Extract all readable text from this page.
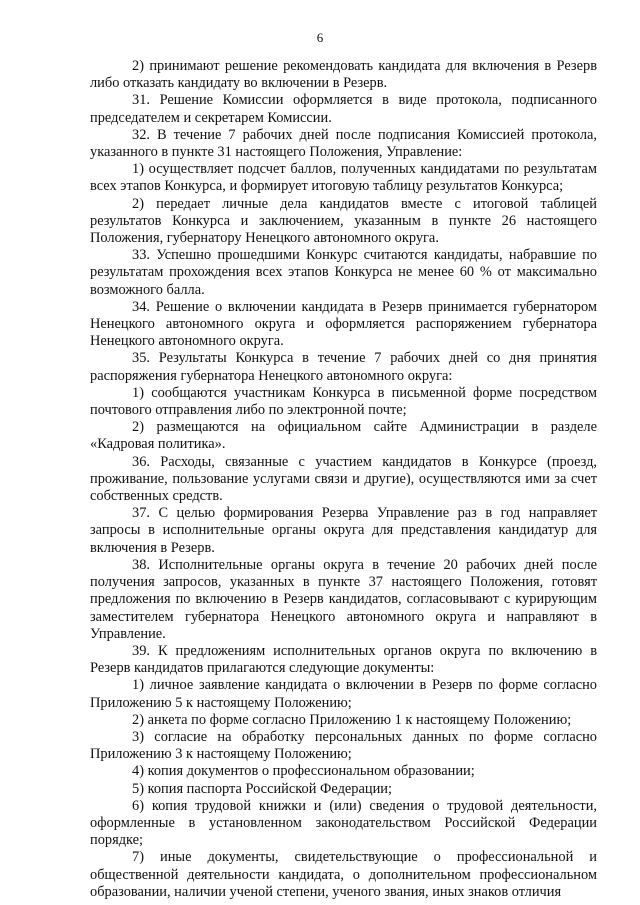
6

2) принимают решение рекомендовать кандидата для включения в Резерв либо отказать кандидату во включении в Резерв.

31. Решение Комиссии оформляется в виде протокола, подписанного председателем и секретарем Комиссии.

32. В течение 7 рабочих дней после подписания Комиссией протокола, указанного в пункте 31 настоящего Положения, Управление:

1) осуществляет подсчет баллов, полученных кандидатами по результатам всех этапов Конкурса, и формирует итоговую таблицу результатов Конкурса;

2) передает личные дела кандидатов вместе с итоговой таблицей результатов Конкурса и заключением, указанным в пункте 26 настоящего Положения, губернатору Ненецкого автономного округа.

33. Успешно прошедшими Конкурс считаются кандидаты, набравшие по результатам прохождения всех этапов Конкурса не менее 60 % от максимально возможного балла.

34. Решение о включении кандидата в Резерв принимается губернатором Ненецкого автономного округа и оформляется распоряжением губернатора Ненецкого автономного округа.

35. Результаты Конкурса в течение 7 рабочих дней со дня принятия распоряжения губернатора Ненецкого автономного округа:

1) сообщаются участникам Конкурса в письменной форме посредством почтового отправления либо по электронной почте;

2) размещаются на официальном сайте Администрации в разделе «Кадровая политика».

36. Расходы, связанные с участием кандидатов в Конкурсе (проезд, проживание, пользование услугами связи и другие), осуществляются ими за счет собственных средств.

37. С целью формирования Резерва Управление раз в год направляет запросы в исполнительные органы округа для представления кандидатур для включения в Резерв.

38. Исполнительные органы округа в течение 20 рабочих дней после получения запросов, указанных в пункте 37 настоящего Положения, готовят предложения по включению в Резерв кандидатов, согласовывают с курирующим заместителем губернатора Ненецкого автономного округа и направляют в Управление.

39. К предложениям исполнительных органов округа по включению в Резерв кандидатов прилагаются следующие документы:

1) личное заявление кандидата о включении в Резерв по форме согласно Приложению 5 к настоящему Положению;

2) анкета по форме согласно Приложению 1 к настоящему Положению;

3) согласие на обработку персональных данных по форме согласно Приложению 3 к настоящему Положению;

4) копия документов о профессиональном образовании;

5) копия паспорта Российской Федерации;

6) копия трудовой книжки и (или) сведения о трудовой деятельности, оформленные в установленном законодательством Российской Федерации порядке;

7) иные документы, свидетельствующие о профессиональной и общественной деятельности кандидата, о дополнительном профессиональном образовании, наличии ученой степени, ученого звания, иных знаков отличия
